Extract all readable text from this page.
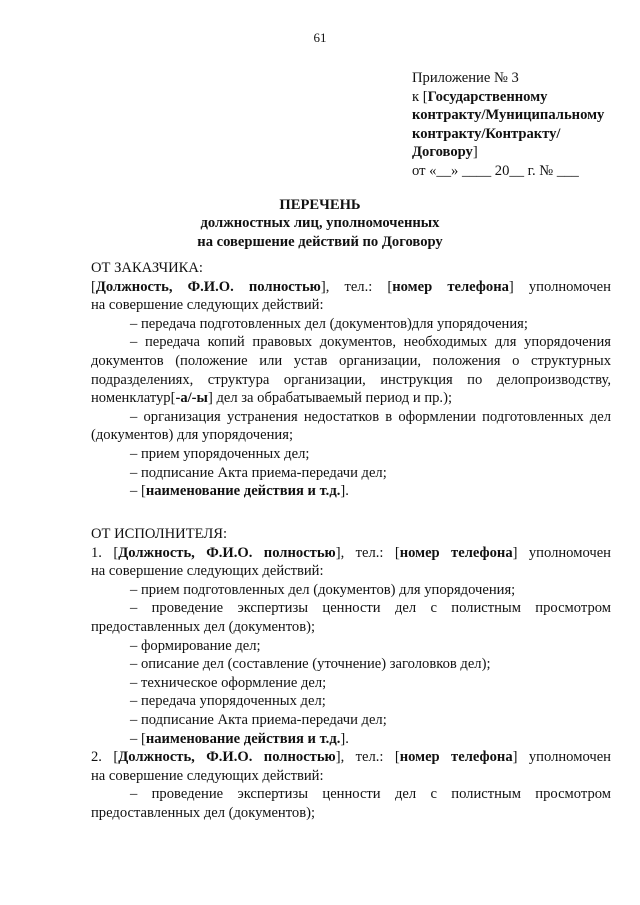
61
Приложение № 3
к [Государственному
контракту/Муниципальному
контракту/Контракту/
Договору]
от «__» ____ 20__ г. № ___
ПЕРЕЧЕНЬ
должностных лиц, уполномоченных
на совершение действий по Договору
ОТ ЗАКАЗЧИКА:
[Должность, Ф.И.О. полностью], тел.: [номер телефона] уполномочен
на совершение следующих действий:
– передача подготовленных дел (документов)для упорядочения;
– передача копий правовых документов, необходимых для упорядочения документов (положение или устав организации, положения о структурных подразделениях, структура организации, инструкция по делопроизводству, номенклатур[-а/-ы] дел за обрабатываемый период и пр.);
– организация устранения недостатков в оформлении подготовленных дел (документов) для упорядочения;
– прием упорядоченных дел;
– подписание Акта приема-передачи дел;
– [наименование действия и т.д.].
ОТ ИСПОЛНИТЕЛЯ:
1. [Должность, Ф.И.О. полностью], тел.: [номер телефона] уполномочен
на совершение следующих действий:
– прием подготовленных дел (документов) для упорядочения;
– проведение экспертизы ценности дел с полистным просмотром предоставленных дел (документов);
– формирование дел;
– описание дел (составление (уточнение) заголовков дел);
– техническое оформление дел;
– передача упорядоченных дел;
– подписание Акта приема-передачи дел;
– [наименование действия и т.д.].
2. [Должность, Ф.И.О. полностью], тел.: [номер телефона] уполномочен
на совершение следующих действий:
– проведение экспертизы ценности дел с полистным просмотром предоставленных дел (документов);
